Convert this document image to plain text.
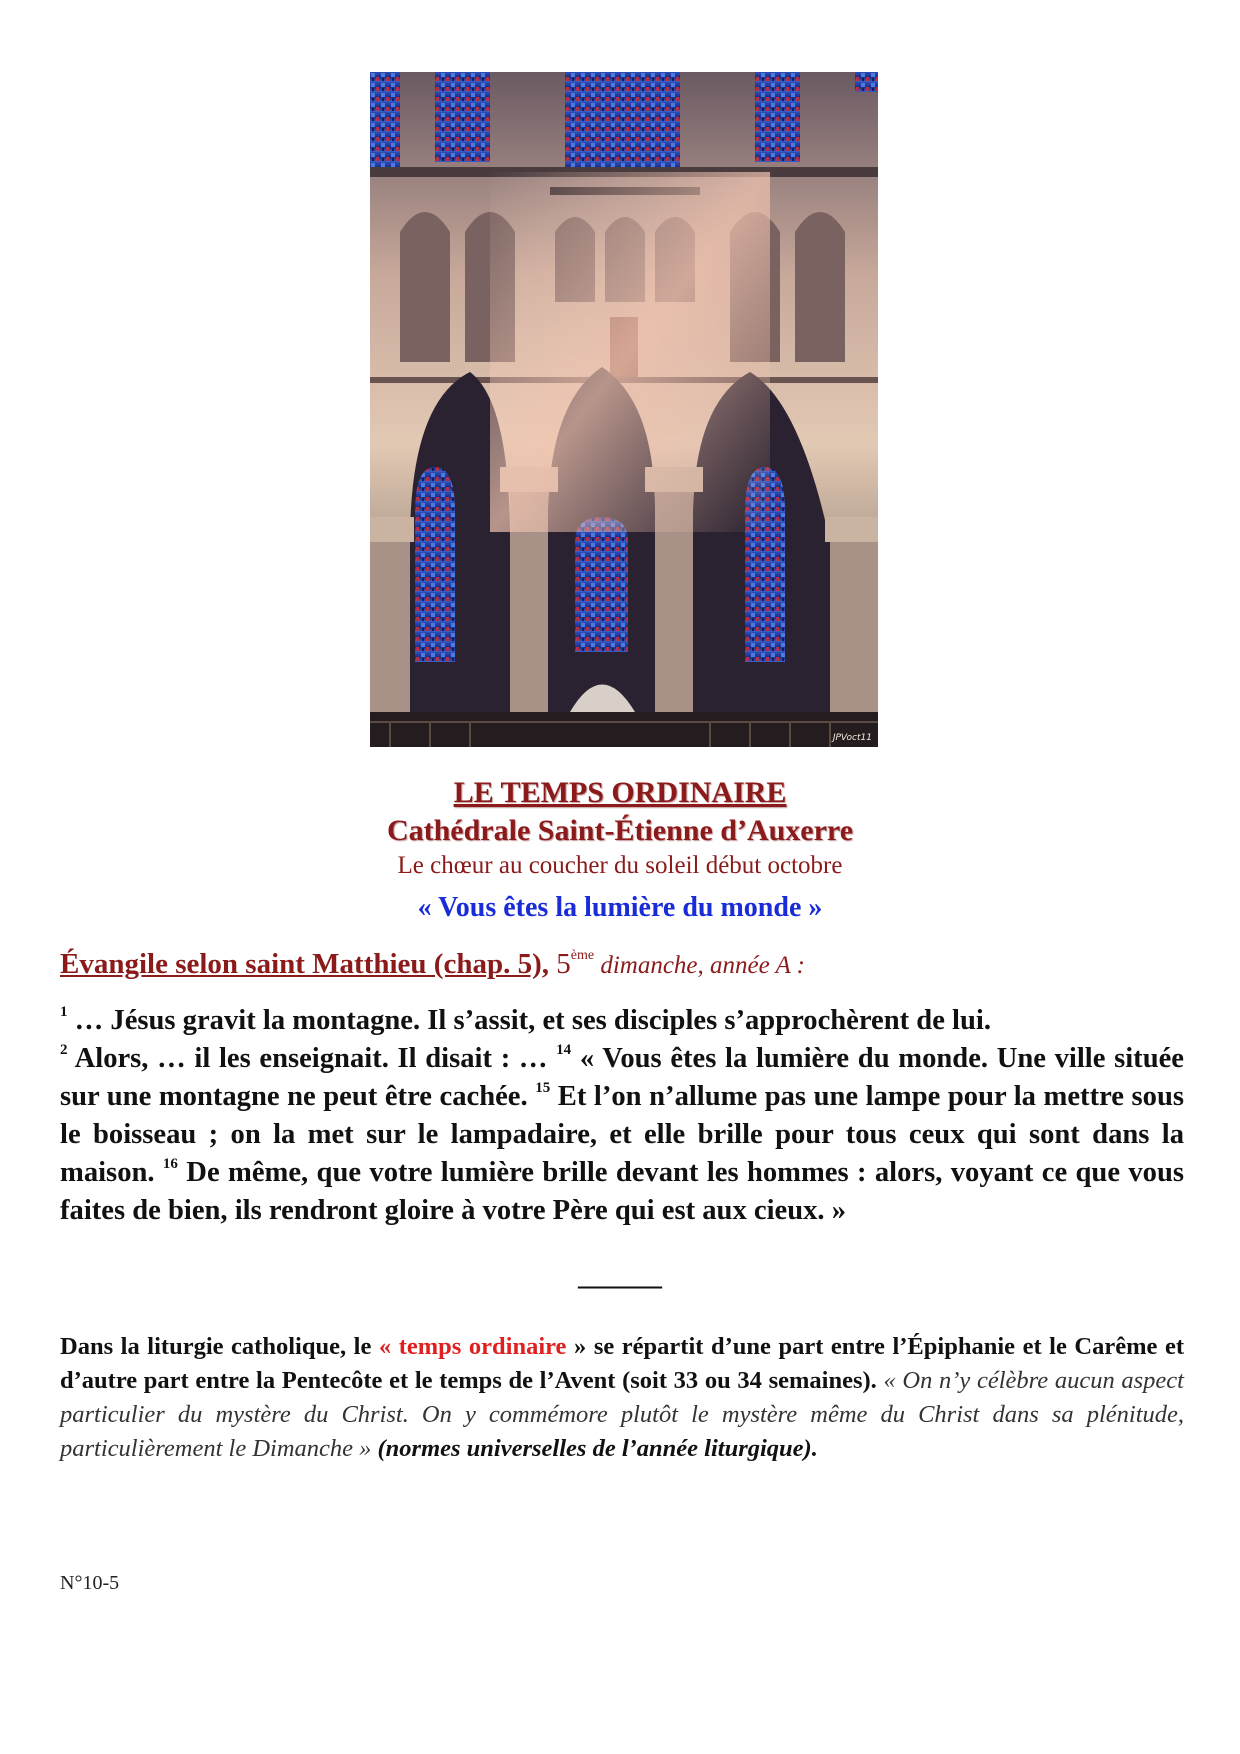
JPVoct11
LE TEMPS ORDINAIRE
Cathédrale Saint-Étienne d’Auxerre
Le chœur au coucher du soleil début octobre
« Vous êtes la lumière du monde »
Évangile selon saint Matthieu (chap. 5), 5ème dimanche, année A :
$^1$ … Jésus gravit la montagne. Il s’assit, et ses disciples s’approchèrent de lui.
$^2$ Alors, … il les enseignait. Il disait : … $^{14}$ « Vous êtes la lumière du monde. Une ville située sur une montagne ne peut être cachée. $^{15}$ Et l’on n’allume pas une lampe pour la mettre sous le boisseau ; on la met sur le lampadaire, et elle brille pour tous ceux qui sont dans la maison. $^{16}$ De même, que votre lumière brille devant les hommes : alors, voyant ce que vous faites de bien, ils rendront gloire à votre Père qui est aux cieux. »
———
Dans la liturgie catholique, le « temps ordinaire » se répartit d’une part entre l’Épiphanie et le Carême et d’autre part entre la Pentecôte et le temps de l’Avent (soit 33 ou 34 semaines). « On n’y célèbre aucun aspect particulier du mystère du Christ. On y commémore plutôt le mystère même du Christ dans sa plénitude, particulièrement le Dimanche » (normes universelles de l’année liturgique).
N°10-5
